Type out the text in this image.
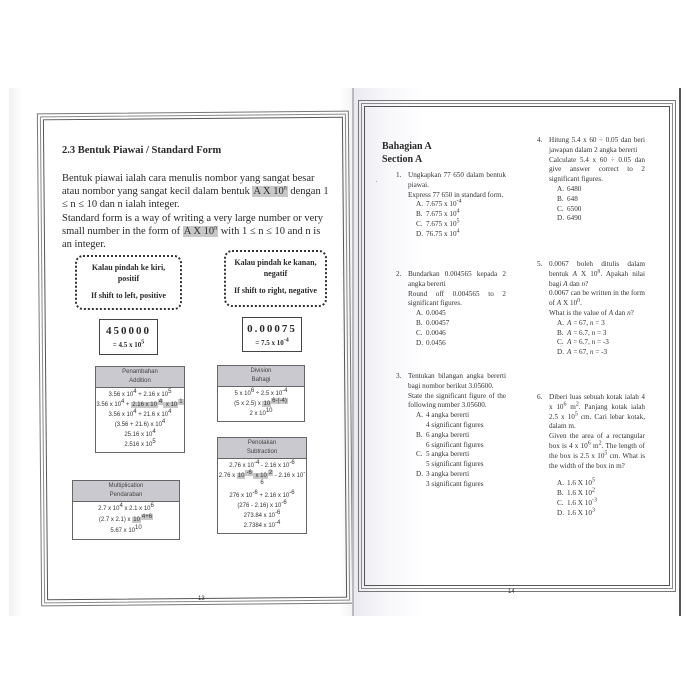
2.3 Bentuk Piawai / Standard Form

Bentuk piawai ialah cara menulis nombor yang sangat besar atau nombor yang sangat kecil dalam bentuk A X 10$^n$ dengan 1 ≤ n ≤ 10 dan n ialah integer.

Standard form is a way of writing a very large number or very small number in the form of A X 10$^n$ with 1 ≤ n ≤ 10 and n is an integer.

Kalau pindah ke kiri, positif
If shift to left, positive
Kalau pindah ke kanan, negatif
If shift to right, negative
450000
= 4.5 x $10^5$
0.00075
= 7.5 x $10^{-4}$
Penambahan
Addition
3.56 x $10^4 + 2.16$ x $10^5$
3.56 x $10^4 + 2.16$ x 10 $^4$ x 10 $^1$
3.56 x $10^4 + 21.6$ x $10^4$
(3.56 + 21.6) x $10^4$
25.16 x $10^4$
2.516 x $10^5$
Division
Bahagi
5 x $10^6 \div 2.5$ x $10^{-4}$
(5 x 2.5) x 10 $^{6-(-4)}$
2 x $10^{10}$
Penolakan
Subtraction
2.76 x $10^{-4} - 2.16$ x $10^{-6}$
2.76 x 10 $^{-6}$ x 10 $^2$ - 2.16 x $10^{-6}$
276 x $10^{-6} + 2.16$ x $10^{-6}$
(276 - 2.16) x $10^{-6}$
273.84 x $10^{-6}$
2.7384 x $10^{-4}$
Multiplication
Pendaraban
2.7 x $10^4$ x 2.1 x $10^6$
(2.7 x 2.1) x 10 $^{4+6}$
5.67 x $10^{10}$
13
Bahagian A
Section A
.
1. Ungkapkan 77 650 dalam bentuk piawai.
Express 77 650 in standard form.
A. 7.675 x $10^{-4}$
B. 7.675 x $10^4$
C. 7.675 x $10^5$
D. 76.75 x $10^4$
2. Bundarkan 0.004565 kepada 2 angka bererti
Round off 0.004565 to 2 significant figures.
A. 0.0045
B. 0.00457
C. 0.0046
D. 0.0456
3. Tentukan bilangan angka bererti bagi nombor berikut 3.05600.
State the significant figure of the following number 3.05600.
A. 4 angka bererti
4 significant figures
B. 6 angka bererti
6 significant figures
C. 5 angka bererti
5 significant figures
D. 3 angka bererti
3 significant figures
4. Hitung 5.4 x 60 ÷ 0.05 dan beri jawapan dalam 2 angka bererti
Calculate 5.4 x 60 ÷ 0.05 dan give answer correct to 2 significant figures.
A. 6480
B. 648
C. 6500
D. 6490
5. 0.0067 boleh ditulis dalam bentuk A X 10$^n$. Apakah nilai bagi A dan n?
0.0067 can be written in the form of A X 10$^n$.
What is the value of A dan n?
A. A = 67, n = 3
B. A = 6.7, n = 3
C. A = 6.7, n = -3
D. A = 67, n = -3
6. Diberi luas sebuah kotak ialah 4 x $10^6$ $m^2$. Panjang kotak ialah 2.5 x $10^5$ cm. Cari lebar kotak, dalam m.
Given the area of a rectangular box is 4 x $10^6$ $m^2$. The length of the box is 2.5 x $10^5$ cm. What is the width of the box in m?
A. 1.6 X $10^5$
B. 1.6 X $10^2$
C. 1.6 X $10^{-3}$
D. 1.6 X $10^3$
14
